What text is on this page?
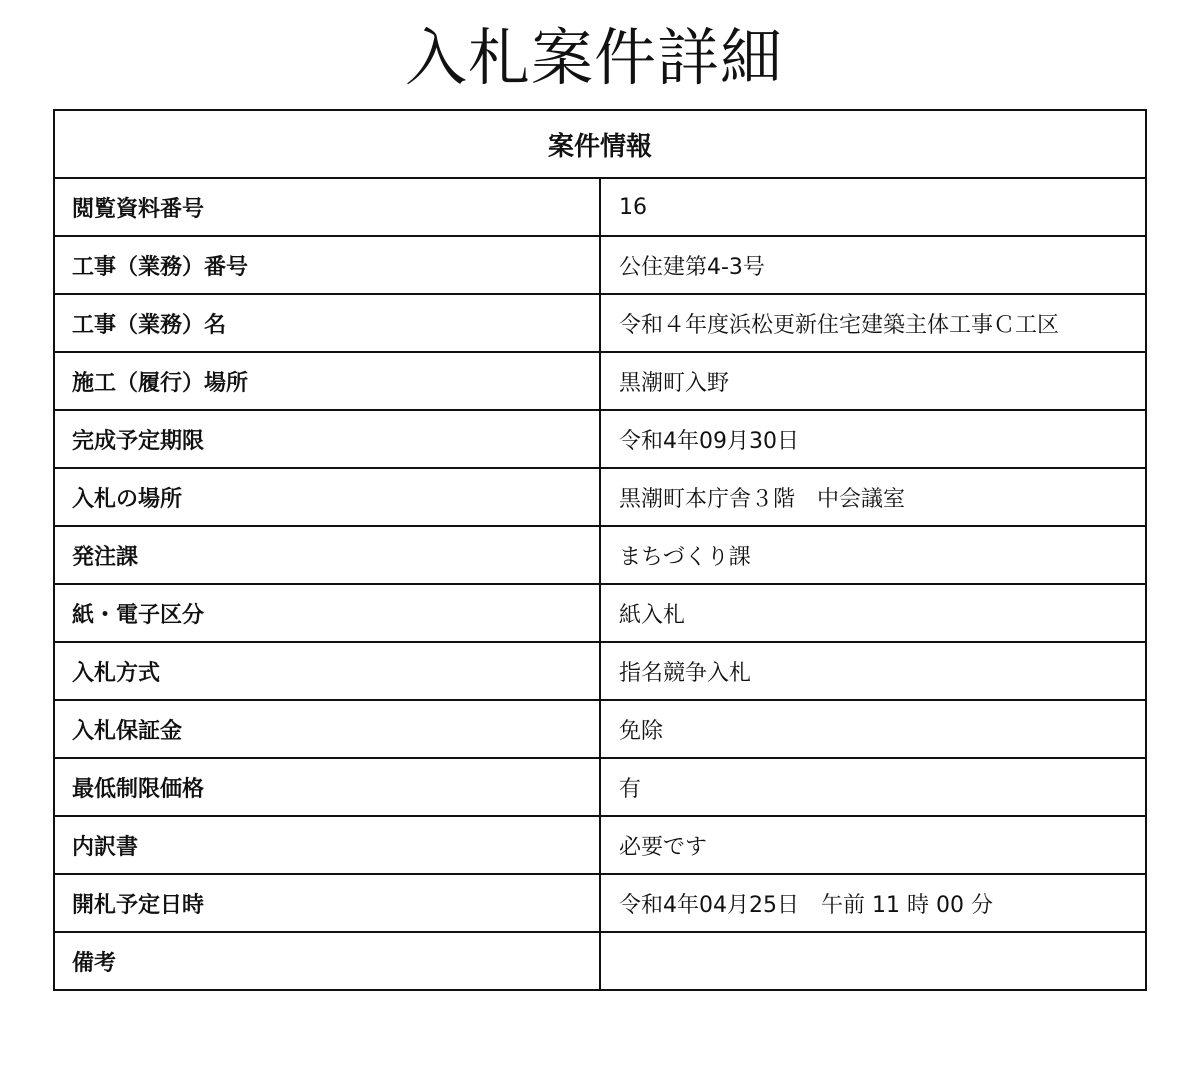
入札案件詳細
案件情報	
閲覧資料番号	16
工事（業務）番号	公住建第4-3号
工事（業務）名	令和４年度浜松更新住宅建築主体工事Ｃ工区
施工（履行）場所	黒潮町入野
完成予定期限	令和4年09月30日
入札の場所	黒潮町本庁舎３階　中会議室
発注課	まちづくり課
紙・電子区分	紙入札
入札方式	指名競争入札
入札保証金	免除
最低制限価格	有
内訳書	必要です
開札予定日時	令和4年04月25日　午前 11 時 00 分
備考	
